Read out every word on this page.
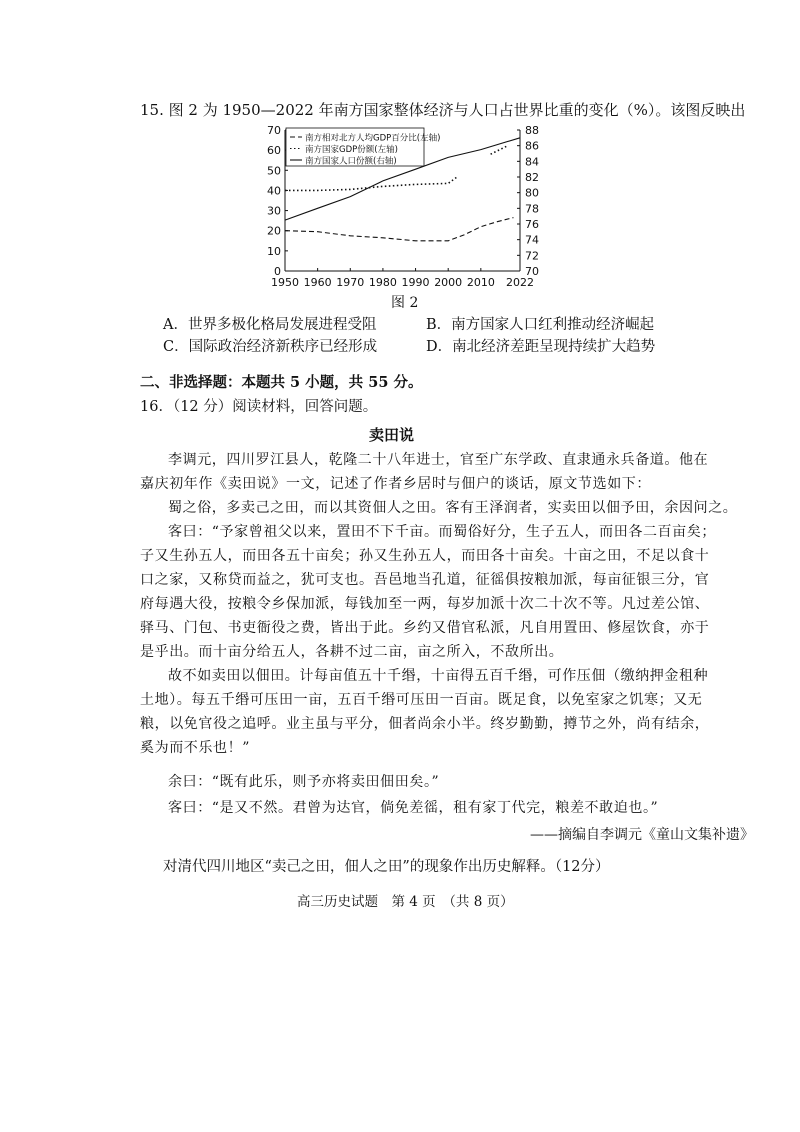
15. 图 2 为 1950—2022 年南方国家整体经济与人口占世界比重的变化（%）。该图反映出
0
10
20
30
40
50
60
70
70
72
74
76
78
80
82
84
86
88
1950 1960 1970 1980 1990 2000 2010 2022
南方相对北方人均GDP百分比(左轴)
南方国家GDP份额(左轴)
南方国家人口份额(右轴)
图 2
A．世界多极化格局发展进程受阻	B．南方国家人口红利推动经济崛起
C．国际政治经济新秩序已经形成	D．南北经济差距呈现持续扩大趋势
二、非选择题：本题共 5 小题，共 55 分。
16．（12 分）阅读材料，回答问题。
卖田说
李调元，四川罗江县人，乾隆二十八年进士，官至广东学政、直隶通永兵备道。他在
嘉庆初年作《卖田说》一文，记述了作者乡居时与佃户的谈话，原文节选如下：
蜀之俗，多卖己之田，而以其资佃人之田。客有王泽润者，实卖田以佃予田，余因问之。
客曰：“予家曾祖父以来，置田不下千亩。而蜀俗好分，生子五人，而田各二百亩矣；
子又生孙五人，而田各五十亩矣；孙又生孙五人，而田各十亩矣。十亩之田，不足以食十
口之家，又称贷而益之，犹可支也。吾邑地当孔道，征徭俱按粮加派，每亩征银三分，官
府每遇大役，按粮令乡保加派，每钱加至一两，每岁加派十次二十次不等。凡过差公馆、
驿马、门包、书吏衙役之费，皆出于此。乡约又借官私派，凡自用置田、修屋饮食，亦于
是乎出。而十亩分给五人，各耕不过二亩，亩之所入，不敌所出。
故不如卖田以佃田。计每亩值五十千缗，十亩得五百千缗，可作压佃（缴纳押金租种
土地）。每五千缗可压田一亩，五百千缗可压田一百亩。既足食，以免室家之饥寒；又无
粮，以免官役之追呼。业主虽与平分，佃者尚余小半。终岁勤勤，撙节之外，尚有结余，
奚为而不乐也！”
余曰：“既有此乐，则予亦将卖田佃田矣。”
客曰：“是又不然。君曾为达官，倘免差徭，租有家丁代完，粮差不敢迫也。”
——摘编自李调元《童山文集补遗》
对清代四川地区“卖己之田，佃人之田”的现象作出历史解释。（12分）
高三历史试题　第 4 页　（共 8 页）
